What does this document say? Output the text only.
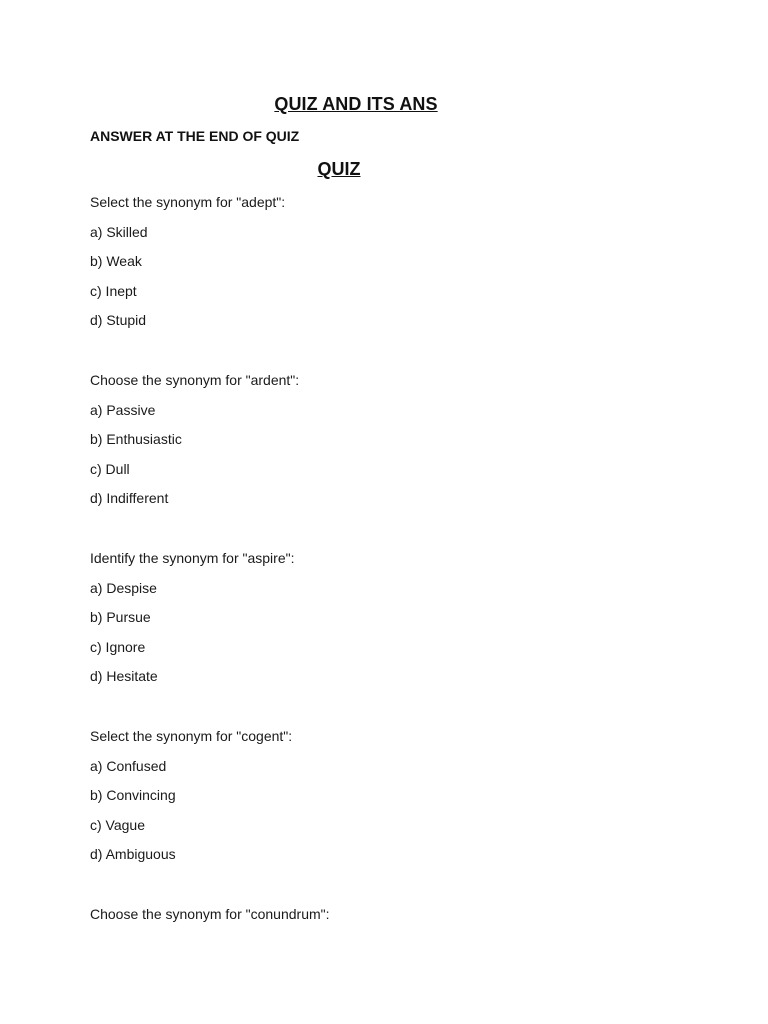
QUIZ AND ITS ANS
ANSWER AT THE END OF QUIZ
QUIZ
Select the synonym for "adept":
a) Skilled
b) Weak
c) Inept
d) Stupid
Choose the synonym for "ardent":
a) Passive
b) Enthusiastic
c) Dull
d) Indifferent
Identify the synonym for "aspire":
a) Despise
b) Pursue
c) Ignore
d) Hesitate
Select the synonym for "cogent":
a) Confused
b) Convincing
c) Vague
d) Ambiguous
Choose the synonym for "conundrum":
